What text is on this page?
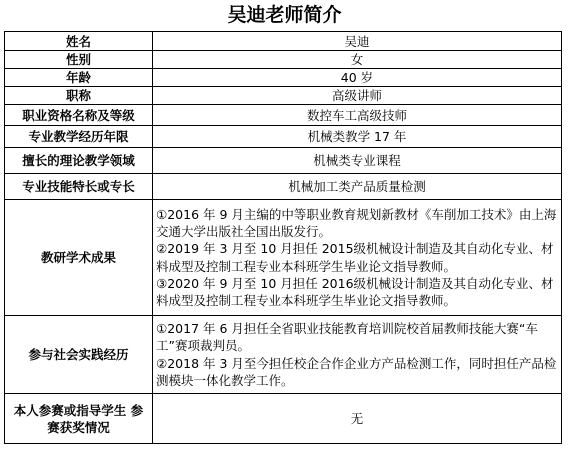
吴迪老师简介
姓名	吴迪
性别	女
年龄	40 岁
职称	高级讲师
职业资格名称及等级	数控车工高级技师
专业教学经历年限	机械类教学 17 年
擅长的理论教学领域	机械类专业课程
专业技能特长或专长	机械加工类产品质量检测
教研学术成果	①2016 年 9 月主编的中等职业教育规划新教材《车削加工技术》由上海交通大学出版社全国出版发行。
②2019 年 3 月至 10 月担任 2015级机械设计制造及其自动化专业、材料成型及控制工程专业本科班学生毕业论文指导教师。
③2020 年 9 月至 10 月担任 2016级机械设计制造及其自动化专业、材料成型及控制工程专业本科班学生毕业论文指导教师。

参与社会实践经历	①2017 年 6 月担任全省职业技能教育培训院校首届教师技能大赛“车工”赛项裁判员。
②2018 年 3 月至今担任校企合作企业方产品检测工作，同时担任产品检测模块一体化教学工作。

本人参赛或指导学生 参赛获奖情况	无
